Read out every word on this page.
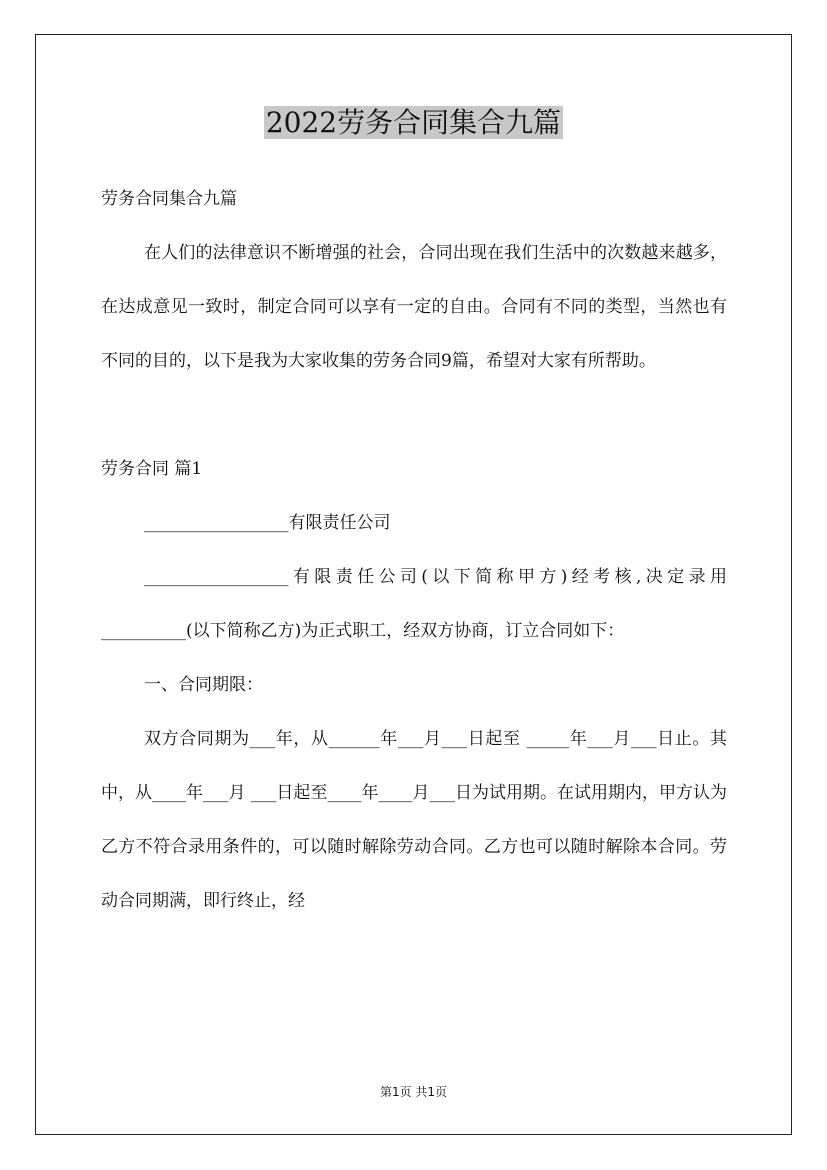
2022劳务合同集合九篇

劳务合同集合九篇

在人们的法律意识不断增强的社会，合同出现在我们生活中的次数越来越多，在达成意见一致时，制定合同可以享有一定的自由。合同有不同的类型，当然也有不同的目的，以下是我为大家收集的劳务合同9篇，希望对大家有所帮助。

劳务合同 篇1

_________________有限责任公司

_________________有限责任公司(以下简称甲方)经考核,决定录用__________(以下简称乙方)为正式职工，经双方协商，订立合同如下：

一、合同期限：

双方合同期为___年，从______年___月___日起至 _____年___月___日止。其中，从____年___月 ___日起至____年____月___日为试用期。在试用期内，甲方认为乙方不符合录用条件的，可以随时解除劳动合同。乙方也可以随时解除本合同。劳动合同期满，即行终止，经

第1页 共1页
